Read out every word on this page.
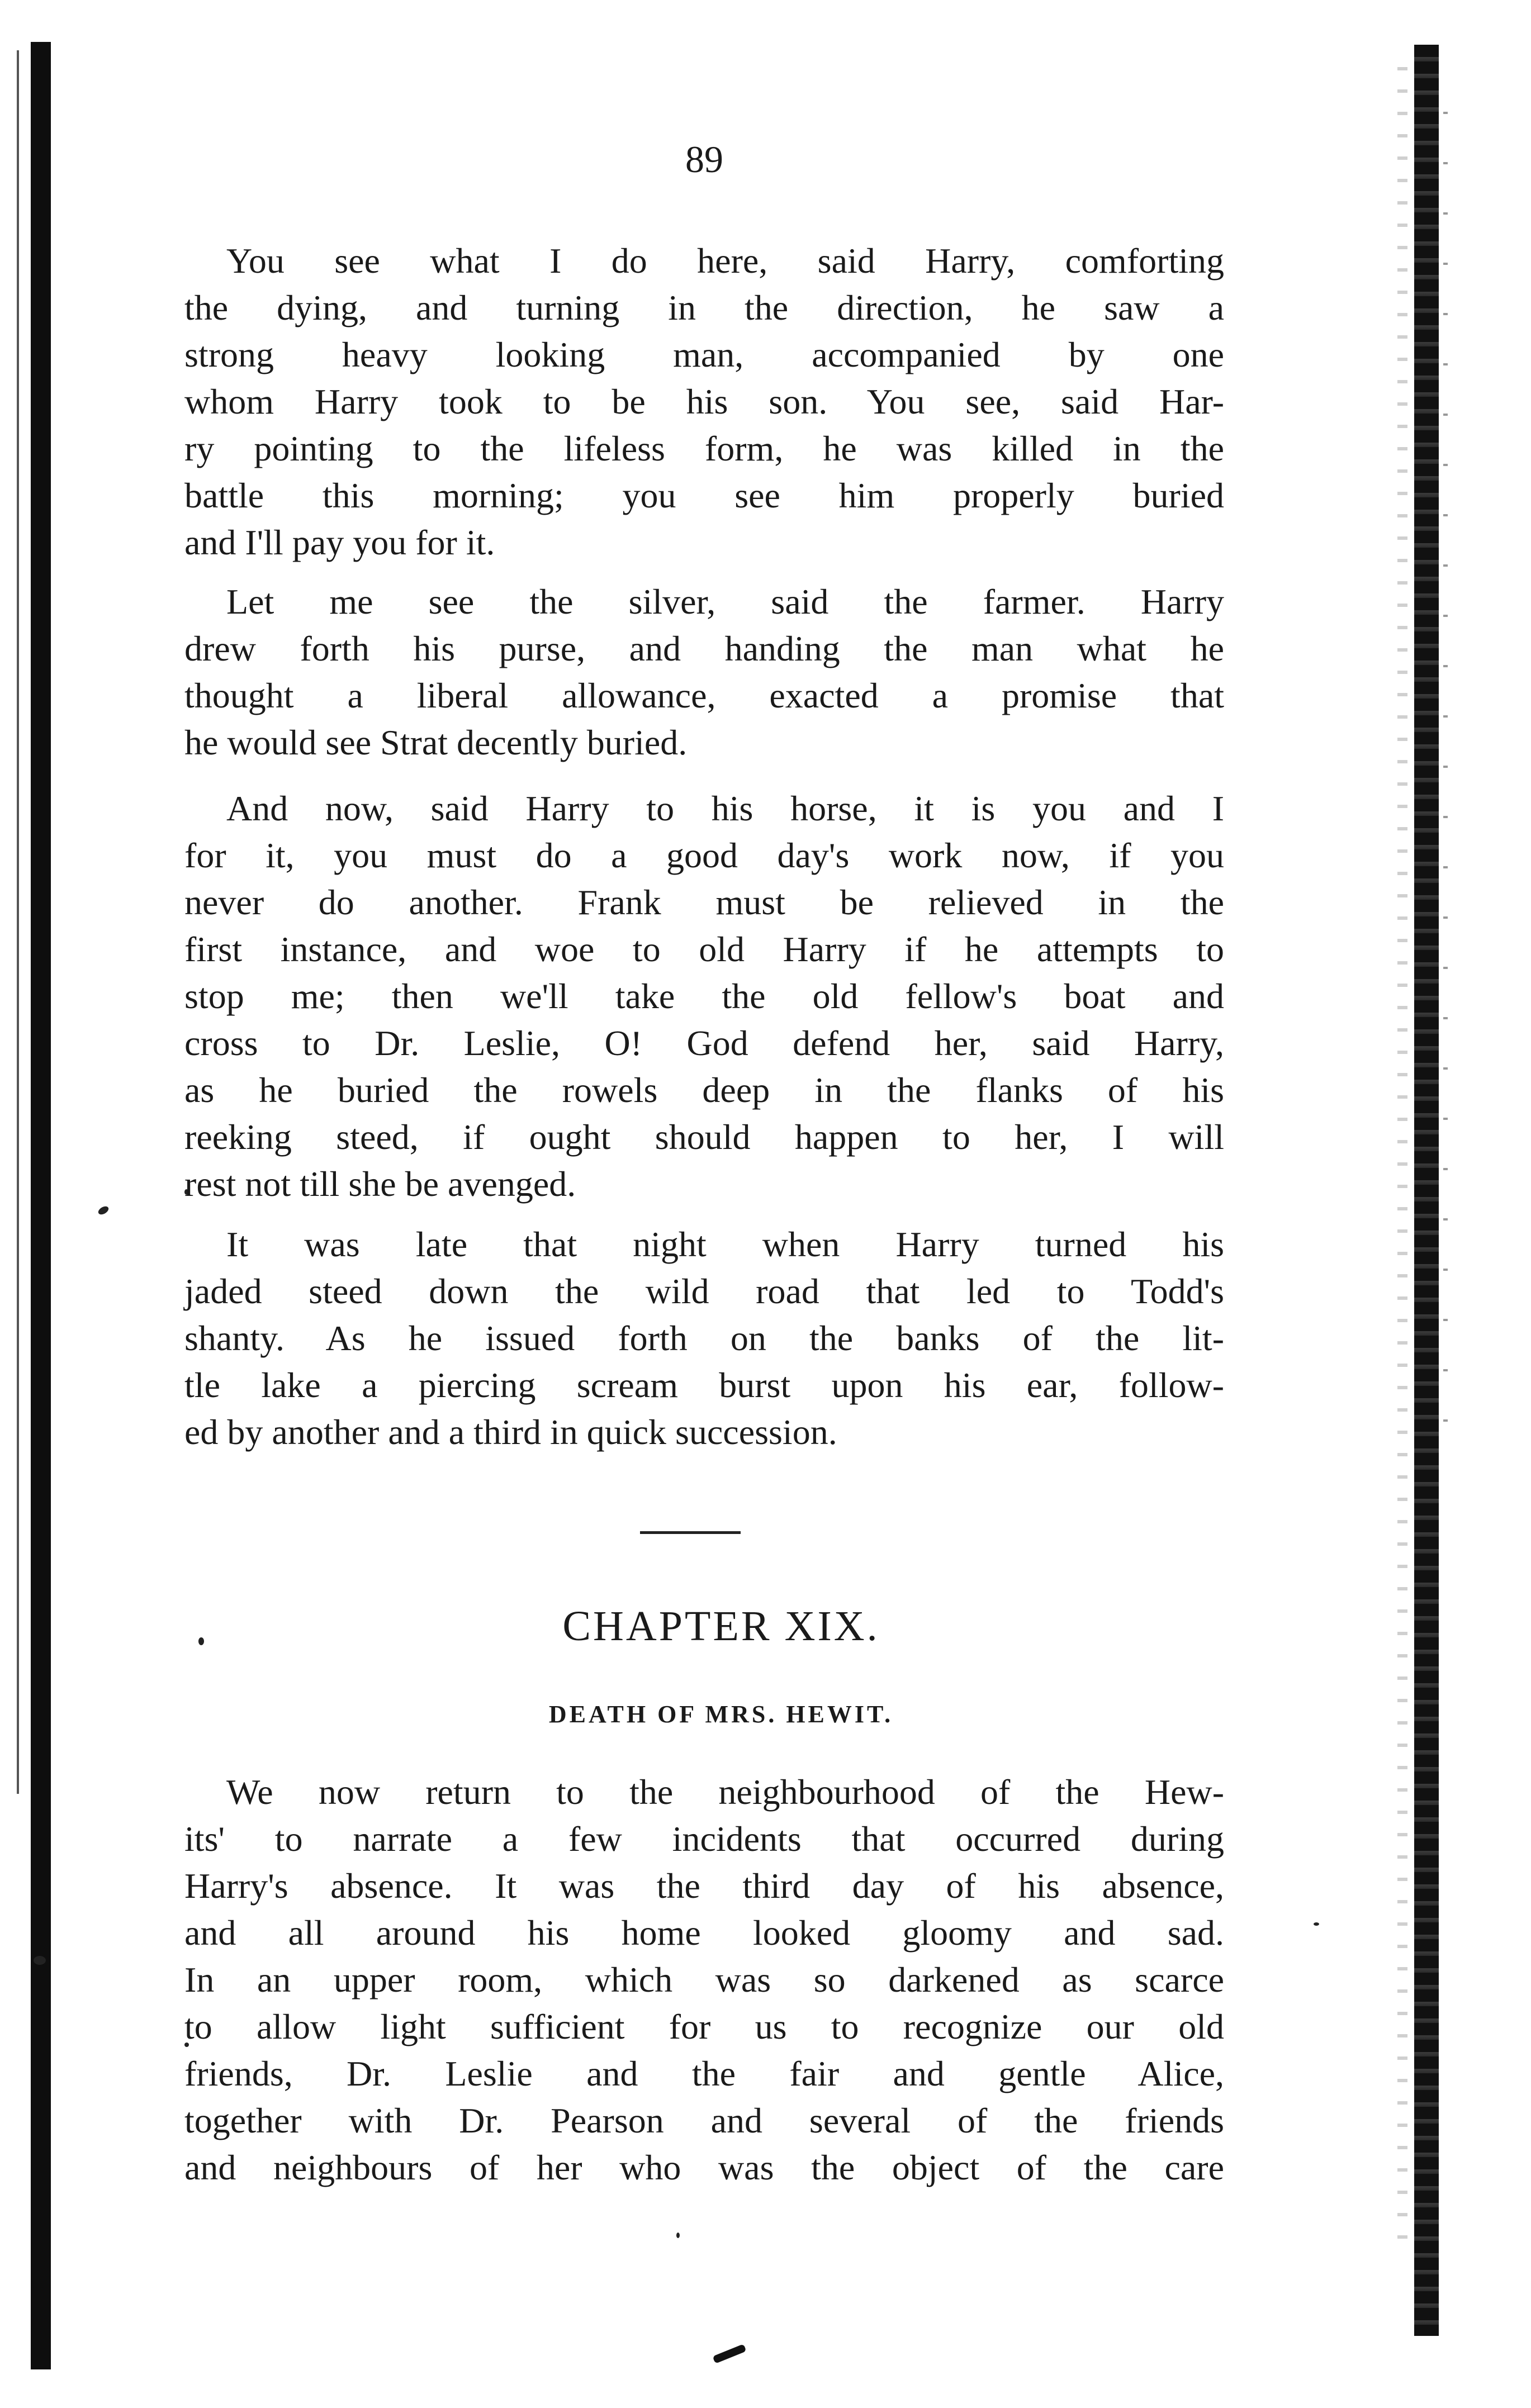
89

You see what I do here, said Harry, comforting
the dying, and turning in the direction, he saw a
strong heavy looking man, accompanied by one
whom Harry took to be his son. You see, said Har-
ry pointing to the lifeless form, he was killed in the
battle this morning; you see him properly buried
and I'll pay you for it.

Let me see the silver, said the farmer. Harry
drew forth his purse, and handing the man what he
thought a liberal allowance, exacted a promise that
he would see Strat decently buried.

And now, said Harry to his horse, it is you and I
for it, you must do a good day's work now, if you
never do another. Frank must be relieved in the
first instance, and woe to old Harry if he attempts to
stop me; then we'll take the old fellow's boat and
cross to Dr. Leslie, O! God defend her, said Harry,
as he buried the rowels deep in the flanks of his
reeking steed, if ought should happen to her, I will
rest not till she be avenged.

It was late that night when Harry turned his
jaded steed down the wild road that led to Todd's
shanty. As he issued forth on the banks of the lit-
tle lake a piercing scream burst upon his ear, follow-
ed by another and a third in quick succession.

CHAPTER XIX.
DEATH OF MRS. HEWIT.

We now return to the neighbourhood of the Hew-
its' to narrate a few incidents that occurred during
Harry's absence. It was the third day of his absence,
and all around his home looked gloomy and sad.
In an upper room, which was so darkened as scarce
to allow light sufficient for us to recognize our old
friends, Dr. Leslie and the fair and gentle Alice,
together with Dr. Pearson and several of the friends
and neighbours of her who was the object of the care
